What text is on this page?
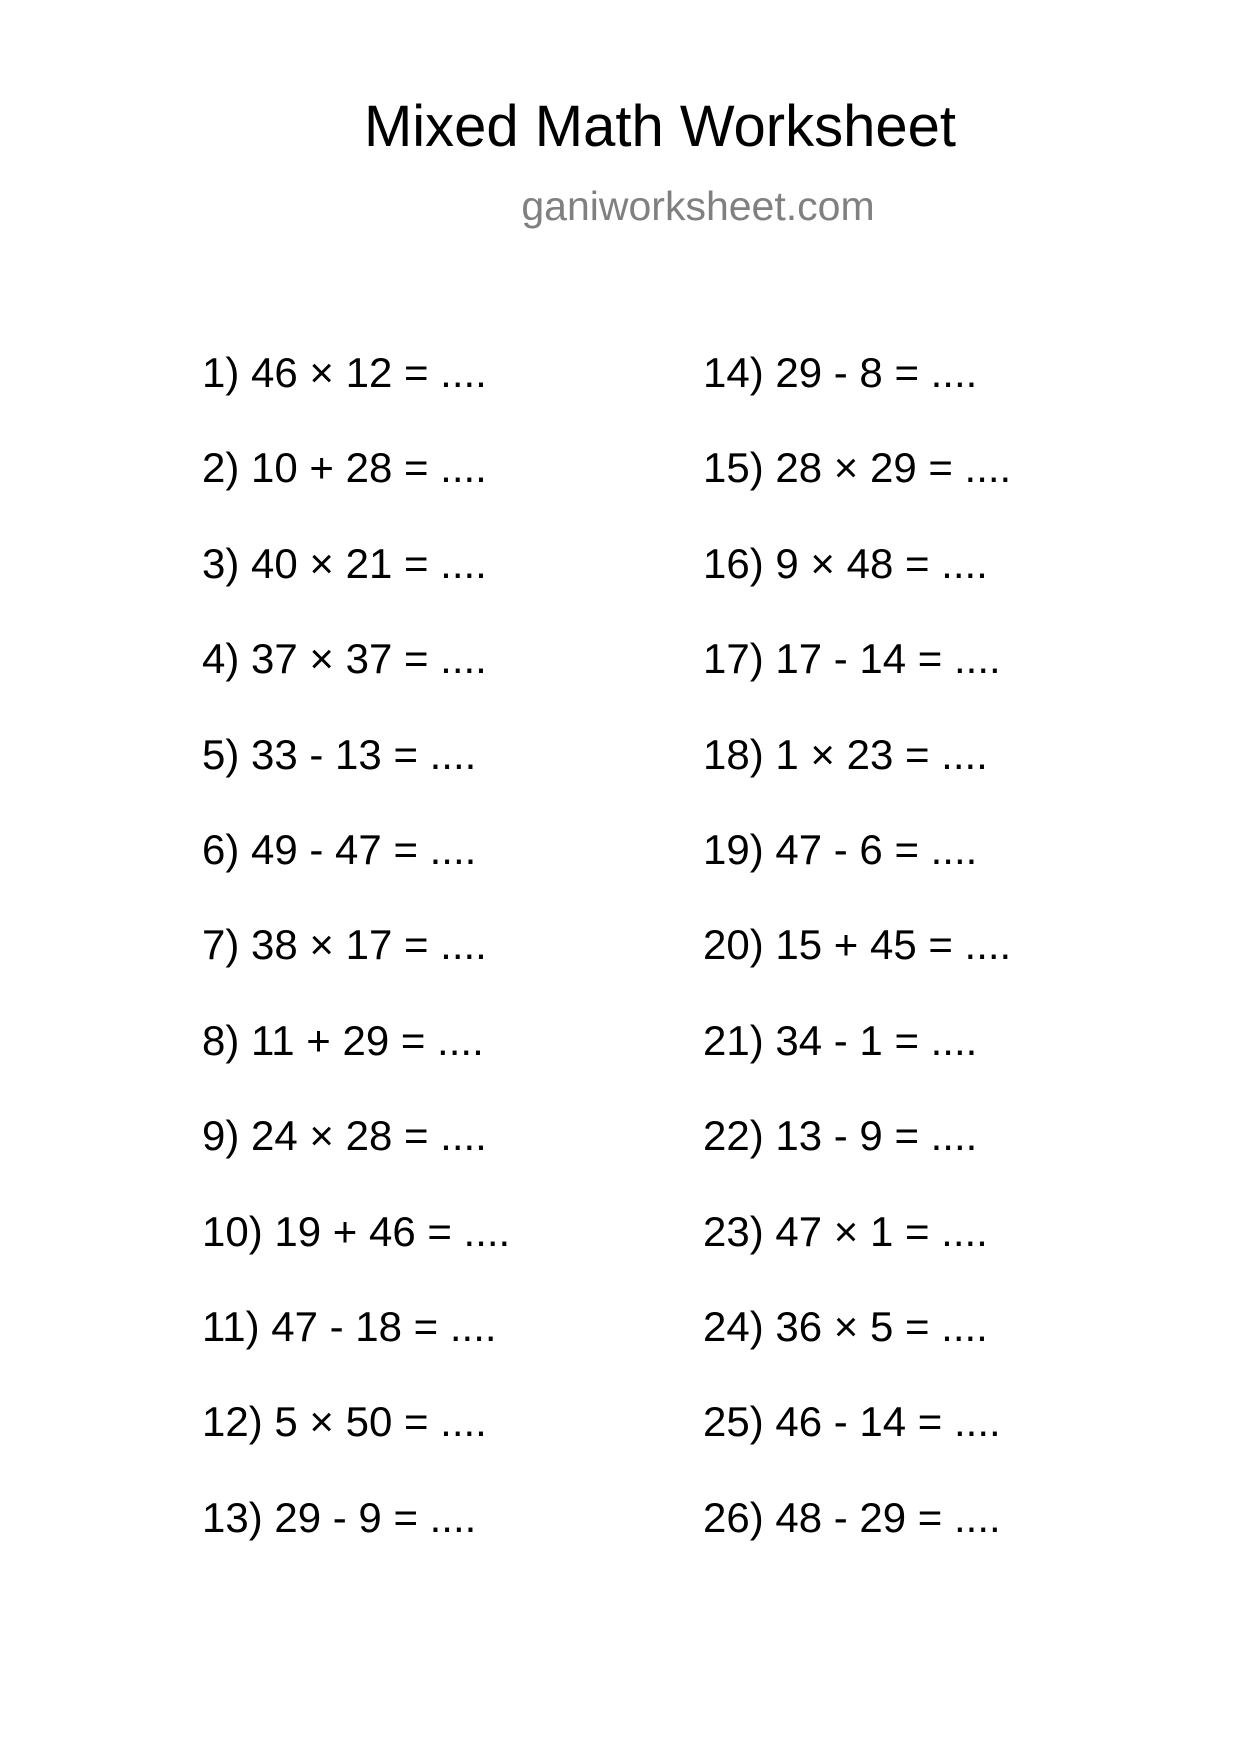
Mixed Math Worksheet
ganiworksheet.com
1) 46 × 12 = ....
2) 10 + 28 = ....
3) 40 × 21 = ....
4) 37 × 37 = ....
5) 33 - 13 = ....
6) 49 - 47 = ....
7) 38 × 17 = ....
8) 11 + 29 = ....
9) 24 × 28 = ....
10) 19 + 46 = ....
11) 47 - 18 = ....
12) 5 × 50 = ....
13) 29 - 9 = ....
14) 29 - 8 = ....
15) 28 × 29 = ....
16) 9 × 48 = ....
17) 17 - 14 = ....
18) 1 × 23 = ....
19) 47 - 6 = ....
20) 15 + 45 = ....
21) 34 - 1 = ....
22) 13 - 9 = ....
23) 47 × 1 = ....
24) 36 × 5 = ....
25) 46 - 14 = ....
26) 48 - 29 = ....
